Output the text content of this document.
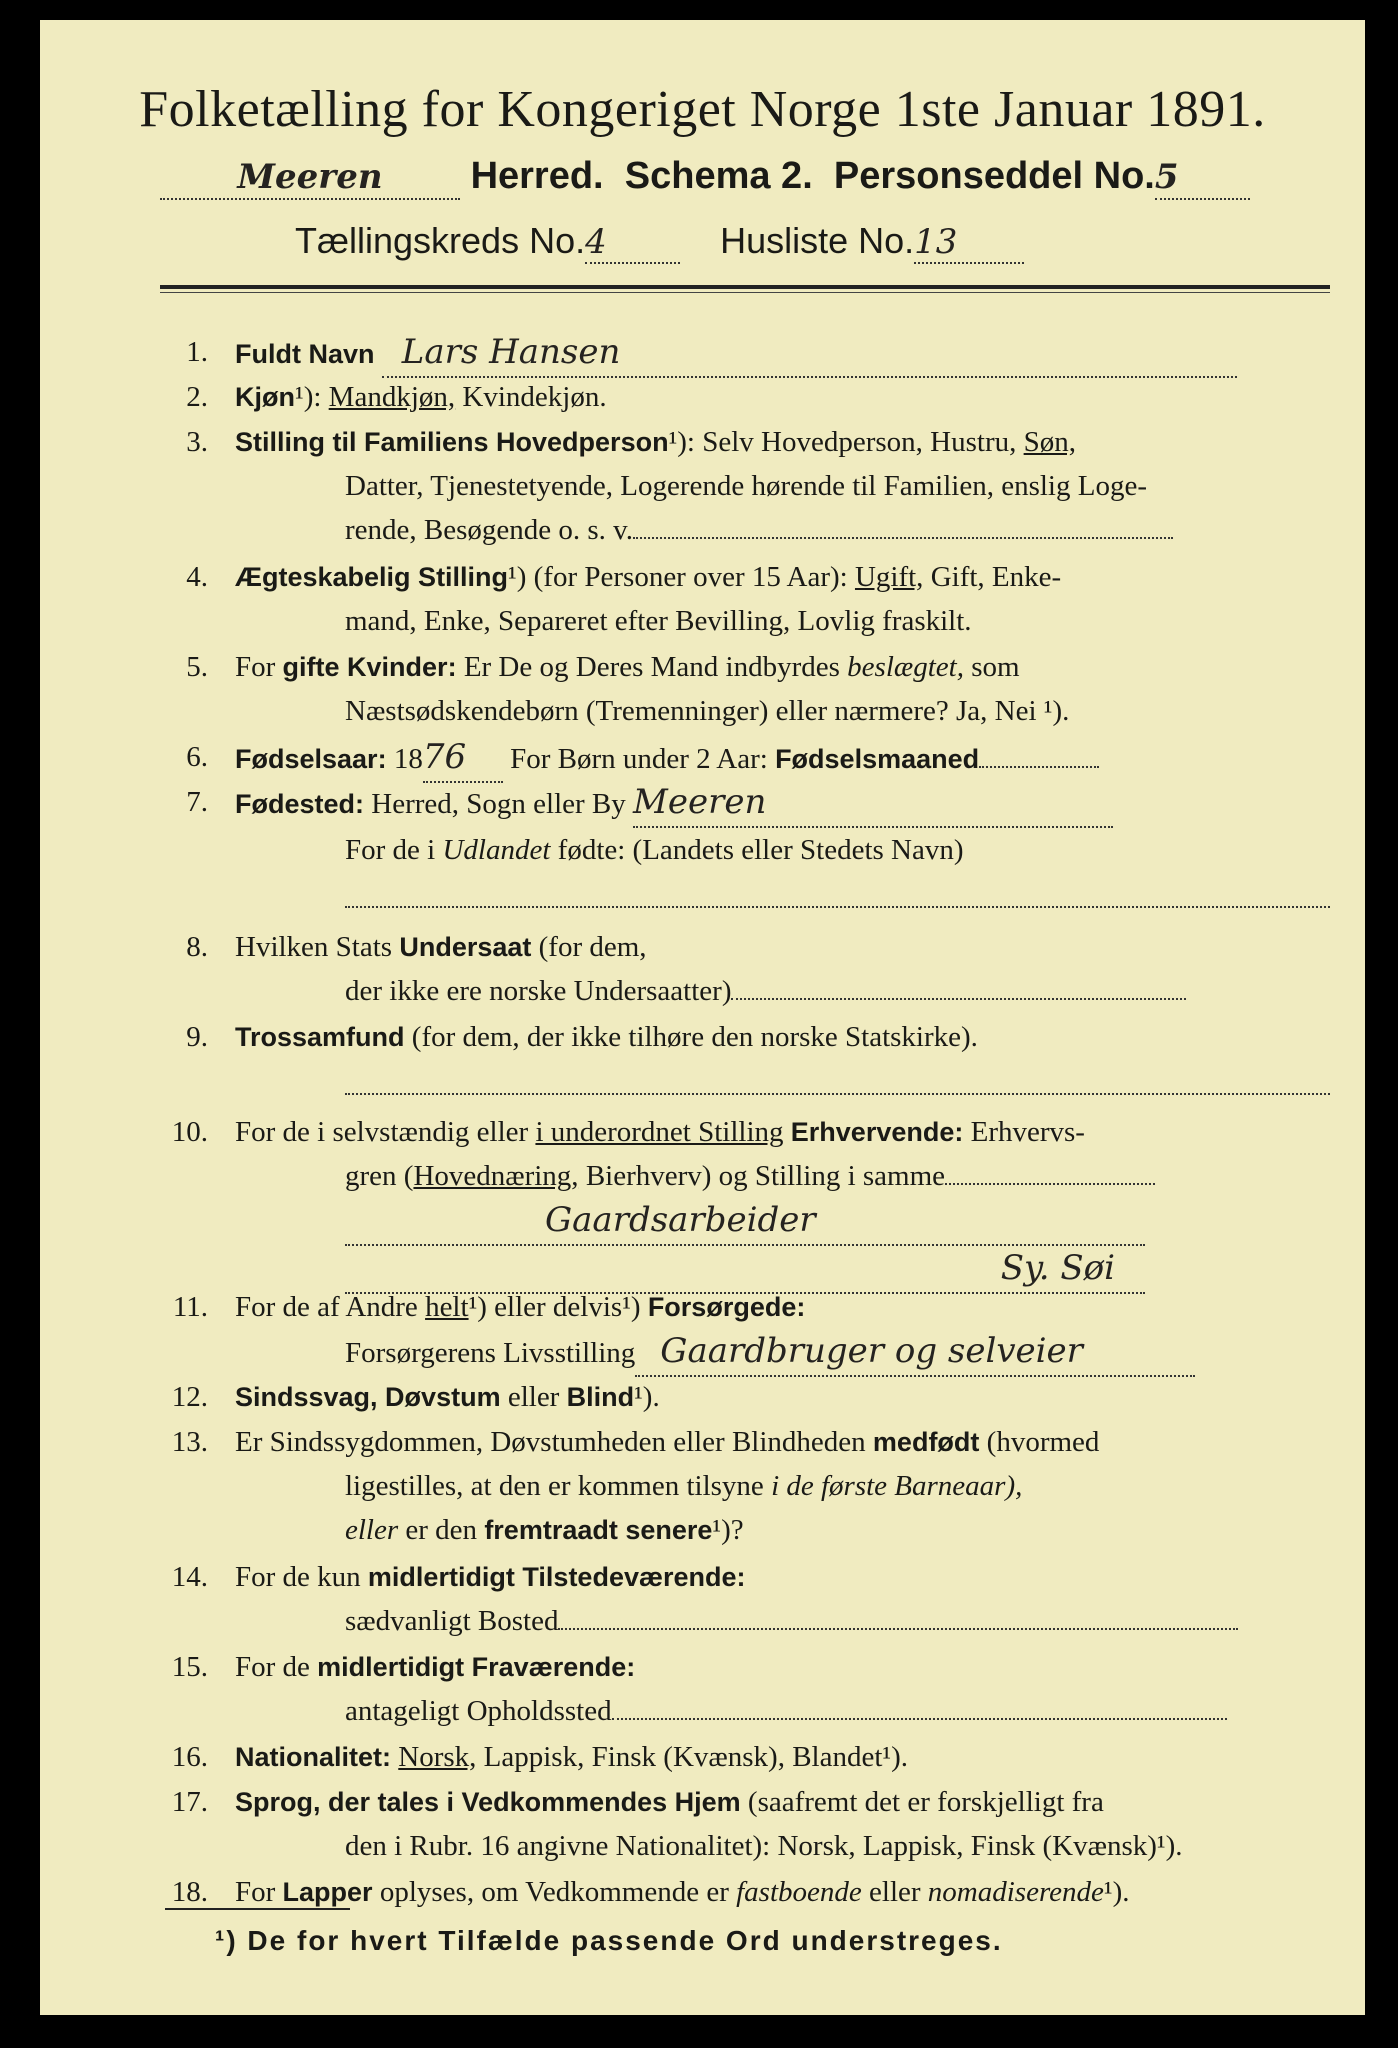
Folketælling for Kongeriget Norge 1ste Januar 1891.
Meeren Herred. Schema 2. Personseddel No.5
Tællingskreds No.4	Husliste No.13
1. Fuldt Navn Lars Hansen
2. Kjøn¹): Mandkjøn, Kvindekjøn.
3. Stilling til Familiens Hovedperson¹): Selv Hovedperson, Hustru, Søn,
Datter, Tjenestetyende, Logerende hørende til Familien, enslig Loge-
rende, Besøgende o. s. v.
4. Ægteskabelig Stilling¹) (for Personer over 15 Aar): Ugift, Gift, Enke-
mand, Enke, Separeret efter Bevilling, Lovlig fraskilt.
5. For gifte Kvinder: Er De og Deres Mand indbyrdes beslægtet, som
Næstsødskendebørn (Tremenninger) eller nærmere? Ja, Nei ¹).
6. Fødselsaar: 1876 For Børn under 2 Aar: Fødselsmaaned
7. Fødested: Herred, Sogn eller By Meeren
For de i Udlandet fødte: (Landets eller Stedets Navn)
8. Hvilken Stats Undersaat (for dem,
der ikke ere norske Undersaatter)
9. Trossamfund (for dem, der ikke tilhøre den norske Statskirke).
10. For de i selvstændig eller i underordnet Stilling Erhvervende: Erhvervs-
gren (Hovednæring, Bierhverv) og Stilling i samme
Gaardsarbeider
Sy. Søi
11. For de af Andre helt¹) eller delvis¹) Forsørgede:
Forsørgerens Livsstilling Gaardbruger og selveier
12. Sindssvag, Døvstum eller Blind¹).
13. Er Sindssygdommen, Døvstumheden eller Blindheden medfødt (hvormed
ligestilles, at den er kommen tilsyne i de første Barneaar),
eller er den fremtraadt senere¹)?
14. For de kun midlertidigt Tilstedeværende:
sædvanligt Bosted
15. For de midlertidigt Fraværende:
antageligt Opholdssted
16. Nationalitet: Norsk, Lappisk, Finsk (Kvænsk), Blandet¹).
17. Sprog, der tales i Vedkommendes Hjem (saafremt det er forskjelligt fra
den i Rubr. 16 angivne Nationalitet): Norsk, Lappisk, Finsk (Kvænsk)¹).
18. For Lapper oplyses, om Vedkommende er fastboende eller nomadiserende¹).
¹) De for hvert Tilfælde passende Ord understreges.
